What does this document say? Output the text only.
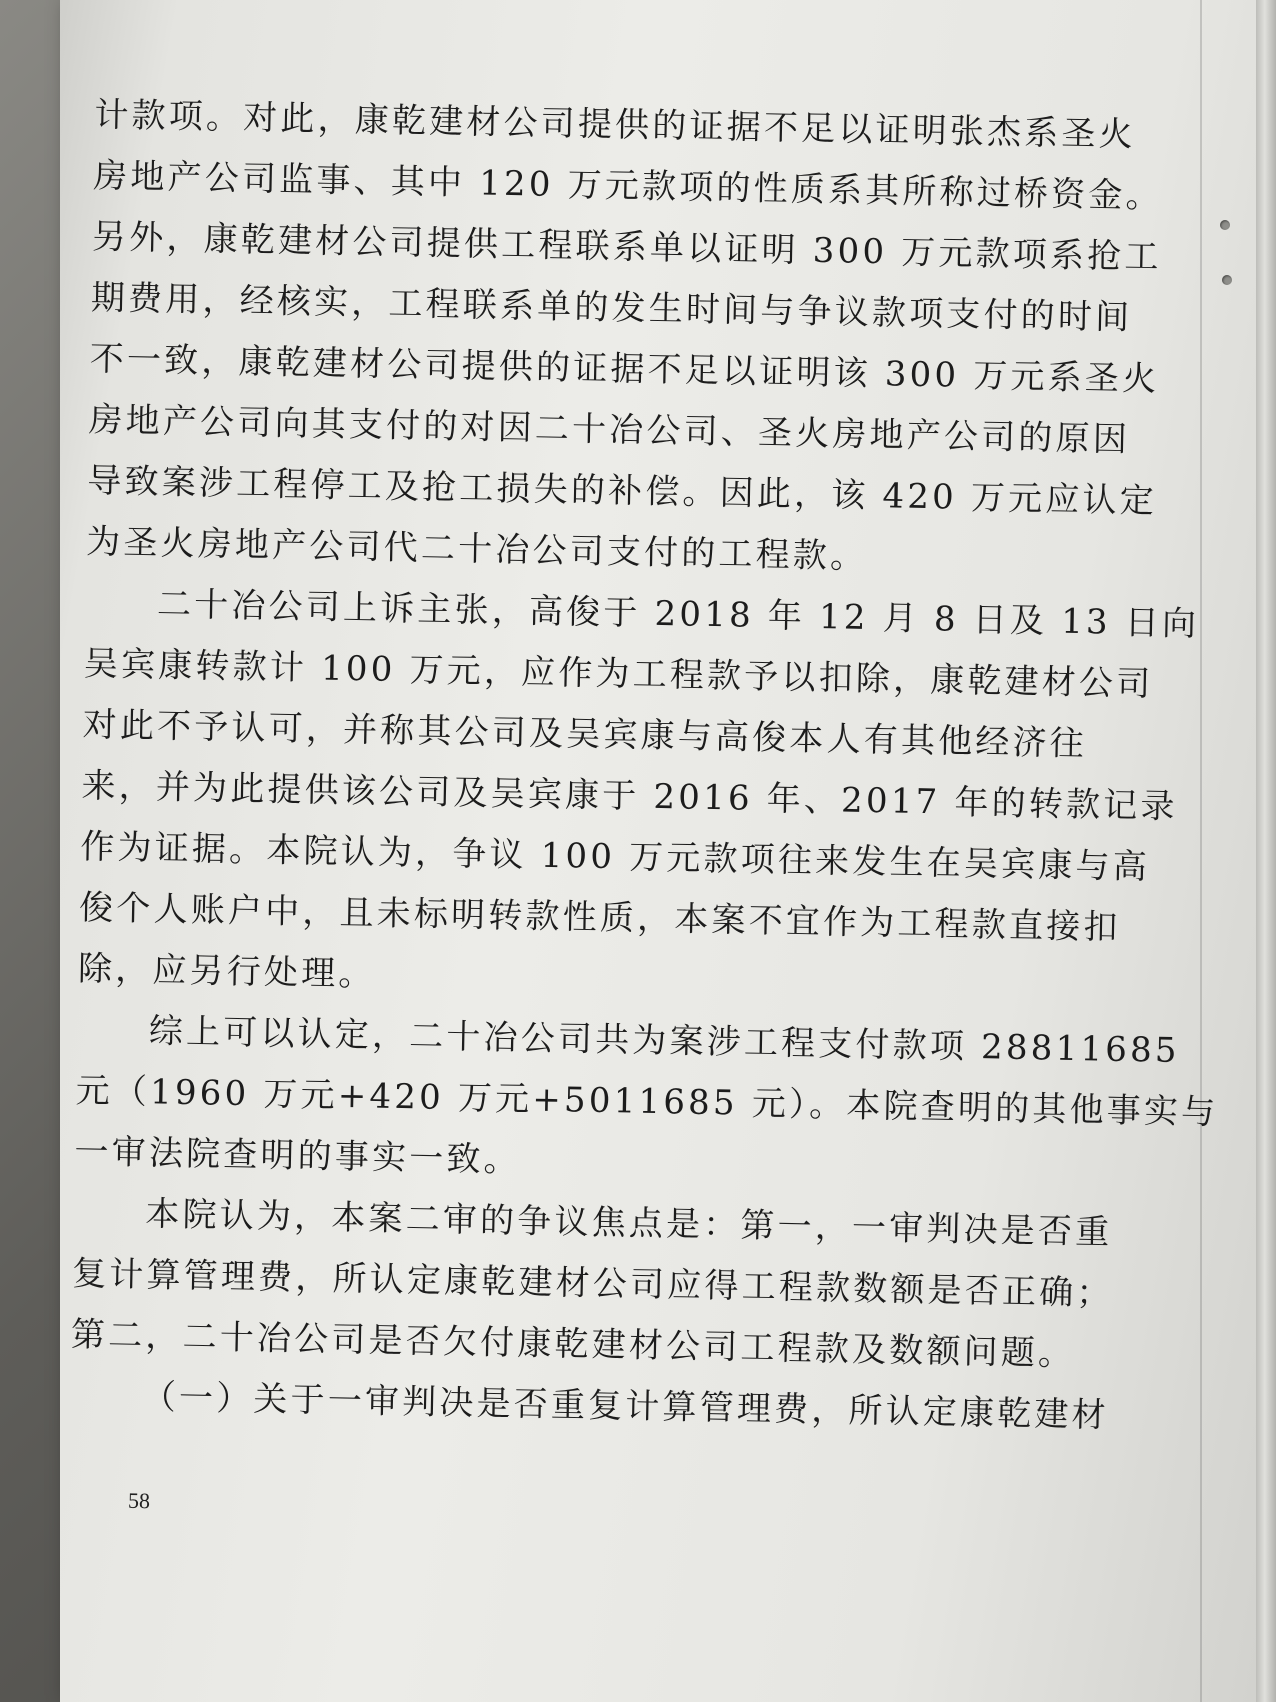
计款项。对此，康乾建材公司提供的证据不足以证明张杰系圣火
房地产公司监事、其中 120 万元款项的性质系其所称过桥资金。
另外，康乾建材公司提供工程联系单以证明 300 万元款项系抢工
期费用，经核实，工程联系单的发生时间与争议款项支付的时间
不一致，康乾建材公司提供的证据不足以证明该 300 万元系圣火
房地产公司向其支付的对因二十冶公司、圣火房地产公司的原因
导致案涉工程停工及抢工损失的补偿。因此，该 420 万元应认定
为圣火房地产公司代二十冶公司支付的工程款。
二十冶公司上诉主张，高俊于 2018 年 12 月 8 日及 13 日向
吴宾康转款计 100 万元，应作为工程款予以扣除，康乾建材公司
对此不予认可，并称其公司及吴宾康与高俊本人有其他经济往
来，并为此提供该公司及吴宾康于 2016 年、2017 年的转款记录
作为证据。本院认为，争议 100 万元款项往来发生在吴宾康与高
俊个人账户中，且未标明转款性质，本案不宜作为工程款直接扣
除，应另行处理。
综上可以认定，二十冶公司共为案涉工程支付款项 28811685
元（1960 万元+420 万元+5011685 元）。本院查明的其他事实与
一审法院查明的事实一致。
本院认为，本案二审的争议焦点是：第一，一审判决是否重
复计算管理费，所认定康乾建材公司应得工程款数额是否正确；
第二，二十冶公司是否欠付康乾建材公司工程款及数额问题。
（一）关于一审判决是否重复计算管理费，所认定康乾建材
58
